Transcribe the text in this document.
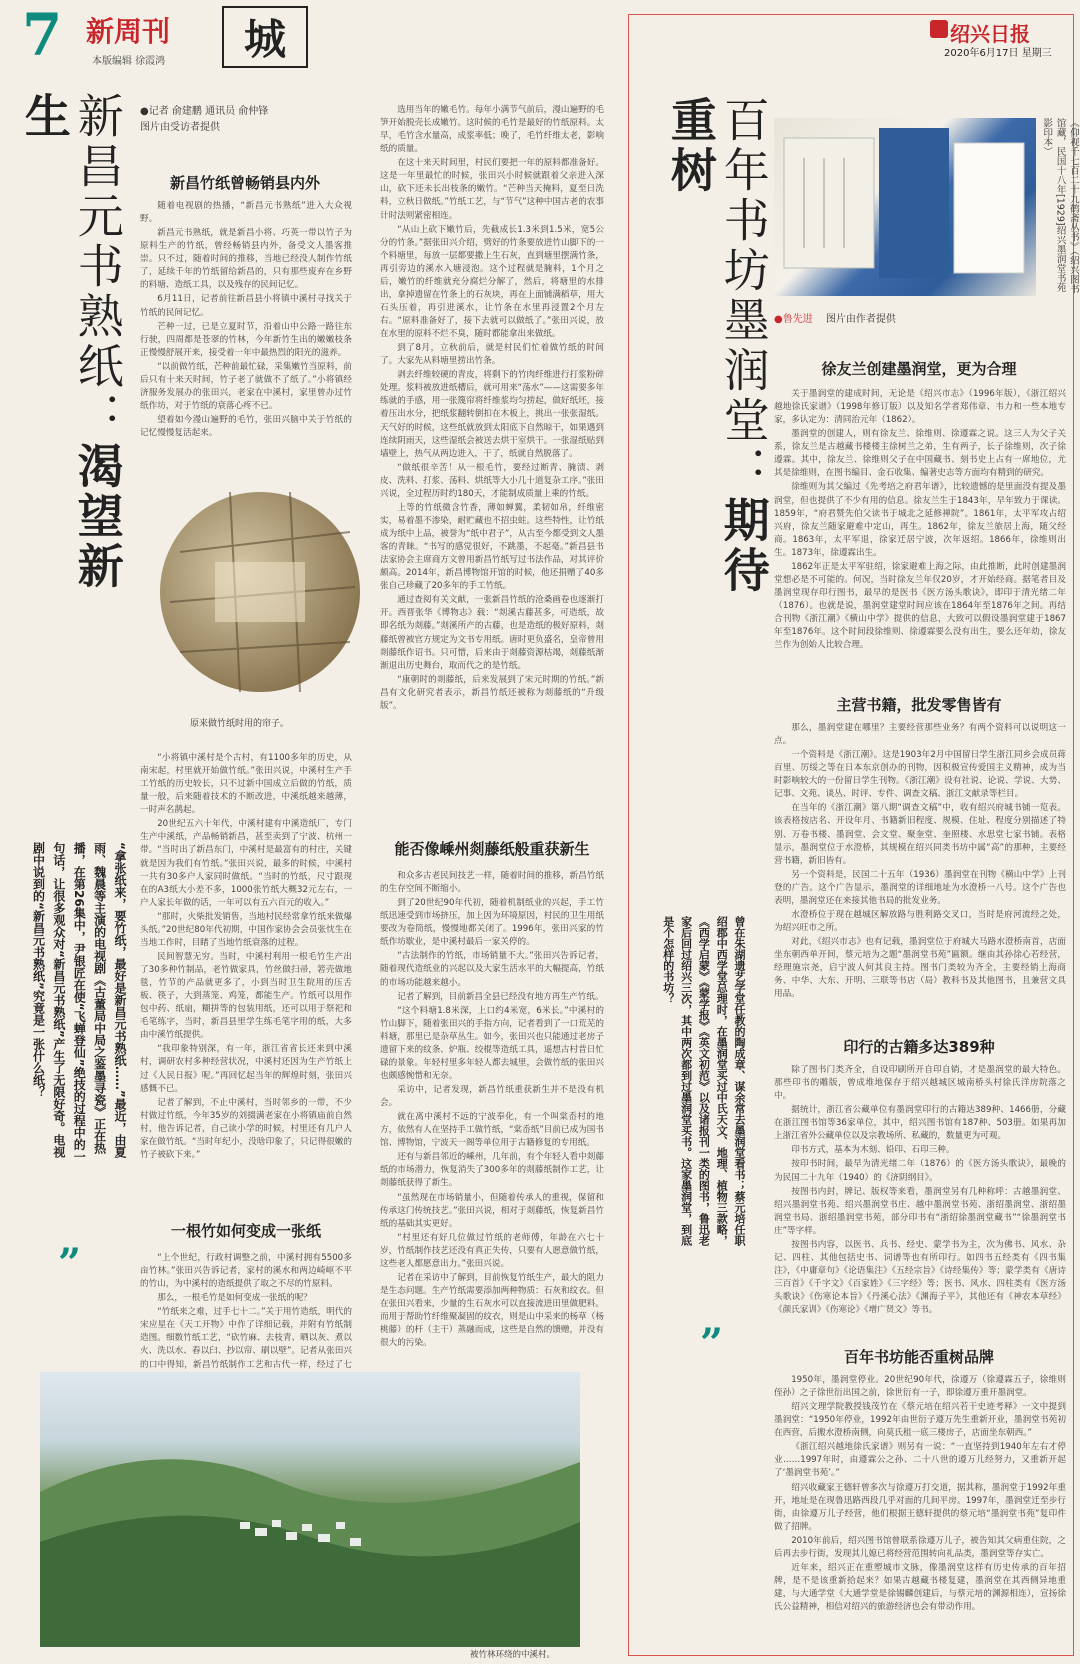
7 新周刊
本版编辑 徐霞鸿	城
新昌元书熟纸：渴望新生
“拿张纸来，要竹纸，最好是新昌元书熟纸……”最近，由夏雨、魏晨等主演的电视剧《古董局中局之鉴墨寻瓷》正在热播，在第26集中，尹银匠在使“飞蝉登仙”绝技的过程中的一句话，让很多观众对“新昌元书熟纸”产生了无限好奇。电视剧中说到的“新昌元书熟纸”究竟是一张什么纸？
”
●记者 俞建鹏 通讯员 俞仲锋
图片由受访者提供
新昌竹纸曾畅销县内外

随着电视剧的热播，“新昌元书熟纸”进入大众视野。

新昌元书熟纸，就是新昌小将、巧英一带以竹子为原料生产的竹纸，曾经畅销县内外，备受文人墨客推崇。只不过，随着时间的推移，当地已经没人制作竹纸了，延续千年的竹纸留给新昌的，只有那些废弃在乡野的料塘、造纸工具，以及残存的民间记忆。

6月11日，记者前往新昌县小将镇中溪村寻找关于竹纸的民间记忆。

芒种一过，已是立夏时节，沿着山中公路一路往东行驶，四周都是苍翠的竹林，今年新竹生出的嫩嫩枝条正慢慢舒展开来，接受着一年中最热烈的阳光的滋养。

“以前做竹纸，芒种前最忙碌，采集嫩竹当原料，前后只有十来天时间，竹子老了就做不了纸了。”小将镇经济服务发展办的张田兴，老家在中溪村，家里曾办过竹纸作坊，对于竹纸的衰落心疼不已。

望着如今漫山遍野的毛竹，张田兴脑中关于竹纸的记忆慢慢复活起来。

原来做竹纸时用的帘子。

“小将镇中溪村是个古村，有1100多年的历史，从南宋起，村里就开始做竹纸。”张田兴说，中溪村生产手工竹纸的历史较长，只不过新中国成立后做的竹纸，质量一般，后来随着技术的不断改进，中溪纸越来越薄，一时声名鹊起。

20世纪五六十年代，中溪村建有中溪造纸厂，专门生产中溪纸，产品畅销新昌，甚至卖到了宁波、杭州一带。“当时出了新昌东门，中溪村是最富有的村庄，关键就是因为我们有竹纸。”张田兴说，最多的时候，中溪村一共有30多户人家同时做纸。“当时的竹纸，尺寸跟现在的A3纸大小差不多，1000张竹纸大概32元左右，一户人家长年做的话，一年可以有五六百元的收入。”

“那时，火柴批发销售，当地村民经常拿竹纸来做爆头纸。”20世纪80年代初期，中国作家协会会员张忱生在当地工作时，目睹了当地竹纸衰落的过程。

民间智慧无穷。当时，中溪村利用一根毛竹生产出了30多种竹制品，老竹做家具，竹丝做扫帚，箬壳做地毯，竹节的产品就更多了，小到当时卫生院用的压舌板、筷子，大到蒸笼、鸡笼，都能生产。竹纸可以用作包中药、纸扇，糊拼等的包装用纸，还可以用于祭祀和毛笔练字，当时，新昌县里学生练毛笔字用的纸，大多由中溪竹纸提供。

“我印象特别深，有一年，浙江省省长还来到中溪村，调研农村多种经营状况，中溪村还因为生产竹纸上过《人民日报》呢。”再回忆起当年的辉煌时刻，张田兴感慨不已。

记者了解到，不止中溪村，当时邻乡的一带，不少村做过竹纸，今年35岁的刘掇满老家在小将镇庙前自然村，他告诉记者，自己读小学的时候，村里还有几户人家在做竹纸。“当时年纪小，没啥印象了，只记得很嫩的竹子被砍下来。”

一根竹如何变成一张纸

“上个世纪，行政村调整之前，中溪村拥有5500多亩竹林。”张田兴告诉记者，家村的溪水和两边崎岖不平的竹山，为中溪村的造纸提供了取之不尽的竹原料。

那么，一根毛竹是如何变成一张纸的呢？

“竹纸来之难，过手七十二。”关于用竹造纸，明代的宋应星在《天工开物》中作了详细记载，并附有竹纸制造图。细数竹纸工艺，“砍竹麻、去枝青、晒以灰、煮以火、洗以水、舂以臼、抄以帘、刷以壁”。记者从张田兴的口中得知，新昌竹纸制作工艺和古代一样，经过了七

选用当年的嫩毛竹。每年小满节气前后，漫山遍野的毛笋开始脱壳长成嫩竹。这时候的毛竹是最好的竹纸原料。太早，毛竹含水量高，成浆率低；晚了，毛竹纤维太老，影响纸的质量。

在这十来天时间里，村民们要把一年的原料都准备好。这是一年里最忙的时候，张田兴小时候就跟着父亲进入深山，砍下还未长出枝条的嫩竹。“芒种当天掩料，夏至日洗料，立秋日做纸。”竹纸工艺，与“节气”这种中国古老的农事计时法则紧密相连。

“从山上砍下嫩竹后，先截成长1.3米到1.5米，宽5公分的竹条。”据张田兴介绍，劈好的竹条要放进竹山脚下的一个料塘里，每放一层都要撒上生石灰，直到塘里摆满竹条，再引旁边的溪水入塘浸泡。这个过程就是腌料，1个月之后，嫩竹的纤维就充分腐烂分解了，然后，将塘里的水排出，拿掉遗留在竹条上的石灰块，再在上面铺满稻草，用大石头压着，再引进溪水，让竹条在水里再浸置2个月左右。“原料准备好了，接下去就可以做纸了。”张田兴说，放在水里的原料不烂不臭，随时都能拿出来做纸。

到了8月，立秋前后，就是村民们忙着做竹纸的时间了。大家先从料塘里捞出竹条。

剥去纤维较硬的青皮，将剩下的竹肉纤维进行打浆粉碎处理。浆料被放进纸槽后，就可用来“荡水”——这需要多年练就的手感，用一张篾帘将纤维浆均匀捞起，做好纸坯，接着压出水分，把纸浆翻转倒扣在木板上，挑出一张张湿纸。天气好的时候，这些纸就放到太阳底下自然晾干，如果遇到连续阴雨天，这些湿纸会被送去烘干室烘干。一张湿纸贴到墙壁上，热气从两边进入，干了，纸就自然脱落了。

“做纸很辛苦！从一根毛竹，要经过断青、腌渍、剥皮、洗料、打浆、荡料、烘纸等大小几十道复杂工序。”张田兴说，全过程历时约180天，才能制成质量上乘的竹纸。

上等的竹纸微含竹香，薄如蝉翼，柔韧如帛，纤维密实，易着墨不渗染，耐贮藏也不招虫蛀。这些特性，让竹纸成为纸中上品，被誉为“纸中君子”，从古至今都受到文人墨客的青睐。“书写的感觉很好，不跳墨，不起毫。”新昌县书法家协会主席商方文曾用新昌竹纸写过书法作品，对其评价颇高。2014年，新昌博物馆开馆的时候，他还捐赠了40多张自己珍藏了20多年的手工竹纸。

通过查阅有关文献，一张新昌竹纸的沧桑画卷也逐渐打开。西晋张华《博物志》载：“剡溪古藤甚多，可造纸，故即名纸为剡藤。”剡溪所产的古藤，也是造纸的极好原料，剡藤纸曾被官方规定为文书专用纸。唐时更负盛名，皇帝曾用剡藤纸作诏书。只可惜，后来由于剡藤资源枯竭，剡藤纸渐渐退出历史舞台，取而代之的是竹纸。

“康朝时的剡藤纸，后来发展到了宋元时期的竹纸。”新昌有文化研究者表示，新昌竹纸还被称为剡藤纸的“升级版”。

能否像嵊州剡藤纸般重获新生

和众多古老民间技艺一样，随着时间的推移，新昌竹纸的生存空间不断缩小。

到了20世纪90年代初，随着机制纸业的兴起，手工竹纸迅速受到市场挤压，加上因为环境原因，村民的卫生用纸要改为卷筒纸，慢慢地都关闭了。1996年，张田兴家的竹纸作坊歇业，是中溪村最后一家关停的。

“古法制作的竹纸，市场销量不大。”张田兴告诉记者，随着现代造纸业的兴起以及大家生活水平的大幅提高，竹纸的市场功能越来越小。

记者了解到，目前新昌全县已经没有地方再生产竹纸。

“这个料塘1.8米深，上口约4米宽，6米长。”中溪村的竹山脚下，随着张田兴的手指方向，记者看到了一口荒芜的料塘，那里已是杂草丛生。如今，张田兴也只能通过老房子遗留下来的纹条、炉瓶、绞棍等造纸工具，遥想古村昔日忙碌的景象。年轻村里多年轻人都去城里，会做竹纸的张田兴也颇感惋惜和无奈。

采访中，记者发现，新昌竹纸重获新生并不是没有机会。

就在离中溪村不远的宁波奉化，有一个叫棠岙村的地方，依然有人在坚持手工做竹纸，“棠岙纸”目前已成为国书馆、博物馆，宁波天一阁等单位用于古籍修复的专用纸。

还有与新昌邻近的嵊州，几年前，有个年轻人看中剡藤纸的市场潜力，恢复消失了300多年的剡藤纸制作工艺，让剡藤纸获得了新生。

“虽然现在市场销量小，但随着传承人的重视，保留和传承这门传统技艺。”张田兴说，相对于剡藤纸，恢复新昌竹纸的基础其实更好。

“村里还有好几位做过竹纸的老师傅，年龄在六七十岁，竹纸制作技艺还没有真正失传，只要有人愿意做竹纸，这些老人都愿意出力。”张田兴说。

记者在采访中了解到，目前恢复竹纸生产，最大的阻力是生态问题。生产竹纸需要添加两种物质：石灰和纹衣。但在张田兴看来，少量的生石灰水可以直接流进田里做肥料。而用于帮助竹纤维聚凝固的纹衣，则是山中采来的杨草（杨桃藤）的杆（主干）蒸融而成，这些是自然的馈赠，并没有很大的污染。

被竹林环绕的中溪村。
绍兴日报
2020年6月17日 星期三
百年书坊墨润堂：期待重树	《仰视千七百二十九鹤斋丛书》（绍兴图书馆藏，民国十八年[1929]绍兴墨润堂书苑影印本）
●鲁先进 图片由作者提供
徐友兰创建墨润堂，更为合理

关于墨润堂的建成时间，无论是《绍兴市志》（1996年版），《浙江绍兴越地徐氏家谱》（1998年修订版）以及知名学者郑伟章、韦力和一些本地专家，多认定为：清同治元年（1862）。

墨润堂的创建人，则有徐友兰、徐维则、徐遵霖之说。这三人为父子关系，徐友兰是古越藏书楼楼主徐树兰之弟，生有两子，长子徐维则，次子徐遵霖。其中，徐友兰、徐维则父子在中国藏书、刻书史上占有一席地位，尤其是徐维则，在图书编目、金石收集、编著史志等方面均有精到的研究。

徐维则为其父编过《先考培之府君年谱》，比较遗憾的是里面没有提及墨润堂，但也提供了不少有用的信息。徐友兰生于1843年，早年致力于课读。1859年，“府君赞先伯父读书于城北之延修禅院”。1861年，太平军攻占绍兴府，徐友兰随家避难中定山，再生。1862年，徐友兰旅居上海，随父经商。1863年，太平军退，徐家迁居宁波，次年返绍。1866年，徐维则出生。1873年，徐遵霖出生。

1862年正是太平军驻绍，徐家避难上海之际，由此推断，此时创建墨润堂想必是不可能的。何况，当时徐友兰年仅20岁，才开始经商。据笔者目及墨润堂现存印行图书，最早的是医书《医方汤头歌诀》，即印于清光绪二年（1876）。也就是说，墨润堂建堂时间应该在1864年至1876年之间。再结合刊物《浙江潮》《横山中学》提供的信息，大致可以假设墨润堂建于1867年至1876年。这个时间段徐维则、徐遵霖要么没有出生，要么还年幼，徐友兰作为创始人比较合理。

主营书籍，批发零售皆有

那么，墨润堂建在哪里？主要经营那些业务？有两个资料可以说明这一点。

一个资料是《浙江潮》。这是1903年2月中国留日学生浙江同乡会成员蒋百里、厉绥之等在日本东京创办的刊物，因积极宣传爱国主义精神，成为当时影响较大的一份留日学生刊物。《浙江潮》设有社说、论说、学说、大势、记事、文苑、谈丛、时评、专件、调查文稿、浙江文献录等栏目。

在当年的《浙江潮》第八期“调查文稿”中，收有绍兴府城书铺一览表。该表格按店名、开设年月、书籍新旧程度、规模、住址、程度分别描述了特别、万卷书楼、墨润堂、会文堂、聚奎堂、奎照楼、水思堂七家书铺。表格显示，墨润堂位于水澄桥，其规模在绍兴同类书坊中属“高”的那种，主要经营书籍，新旧皆有。

另一个资料是，民国二十五年（1936）墨润堂在刊物《横山中学》上刊登的广告。这个广告显示，墨润堂的详细地址为水澄桥一八号。这个广告也表明，墨润堂还在来接其他书局的批发业务。

水澄桥位于现在越城区解放路与胜利路交叉口，当时是府河流经之处，为绍兴旺市之所。

对此，《绍兴市志》也有记载，墨润堂位于府城大马路水澄桥南首，店面坐东朝西单开间，蔡元培为之题“墨润堂书苑”匾额。继由其孙徐心若经营，经理施宗尧，启宁波人何其良主持。图书门类较为齐全，主要经销上海商务、中华、大东、开明、三联等书店（局）教科书及其他图书，且兼营文具用品。

曾在朱湖遗艺学堂任教的陶成章、谋余常去墨润堂看书；蔡元培任职绍郡中西学堂总理时，在墨润堂买过中氏天文、地理、植物三款略，《西学启蒙》《蒙学报》《英文初范》以及诸报刊一类的图书，鲁迅老家后回过绍兴三次，其中两次都到过墨润堂买书。这家墨润堂，到底是个怎样的书坊？
”
印行的古籍多达389种

除了图书门类齐全，自设印刷所开自印自销，才是墨润堂的最大特色。那些印书的雕版，曾成堆地保存于绍兴越城区城南桥头村徐氏洋房院落之中。

据统计，浙江省公藏单位有墨润堂印行的古籍达389种、1466册，分藏在浙江图书馆等36家单位，其中，绍兴图书馆有187种、503册。如果再加上浙江省外公藏单位以及宗教场所、私藏的，数量更为可观。

印书方式，基本为木刻、铅印、石印三种。

按印书时间，最早为清光绪二年（1876）的《医方汤头歌诀》，最晚的为民国二十九年（1940）的《济阴纲目》。

按图书内封，牌记、版权等来看，墨润堂另有几种称呼：古越墨润堂、绍兴墨润堂书苑、绍兴墨润堂书庄、越中墨润堂书苑、浙绍墨润堂、浙绍墨润堂书局、浙绍墨润堂书苑，部分印书有“浙绍徐墨润堂藏书”“徐墨润堂书庄”等字样。

按图书内容，以医书、兵书、经史、蒙学书为主，次为佛书、风水、杂记、四柱、其他包括史书、词谱等也有所印行。如四书五经类有《四书集注》，《中庸章句》《论语集注》《五经宗旨》《诗经集传》等；蒙学类有《唐诗三百首》《千字文》《百家姓》《三字经》等；医书、风水、四柱类有《医方汤头歌诀》《伤寒论本旨》《丹溪心法》《渊海子平》，其他还有《神农本草经》《颜氏家训》《伤寒论》《增广贤文》等书。

百年书坊能否重树品牌

1950年，墨润堂停业。20世纪90年代，徐遵万（徐遵霖五子，徐维则侄孙）之子徐世衍出国之前，徐世衍有一子，即徐遵万重开墨润堂。

绍兴文理学院教授钱茂竹在《蔡元培在绍兴若干史迹考释》一文中提到墨润堂：“1950年停业，1992年由世衍子遵万先生重新开业，墨润堂书苑初在西营，后搬水澄桥南侧，向莫氏租一底三楼房子，店面坐东朝西。”

《浙江绍兴越地徐氏家谱》则另有一说：“一直坚持到1940年左右才停业……1997年时，由遵霖公之孙、二十八世的遵万儿经努力，又重新开起了‘墨润堂书苑’。”

绍兴收藏家王德轩曾多次与徐遵万打交道，据其称，墨润堂于1992年重开，地址是在现鲁迅路西段几乎对面的几间平房。1997年，墨润堂迁至步行街，由徐遵万儿子经营，他们根据王德轩提供的蔡元培“墨润堂书苑”复印件做了招牌。

2010年前后，绍兴图书馆曾联系徐遵万儿子，被告知其父病重住院，之后再去步行街，发现其儿媳已将经营范围转向礼品类，墨润堂等存实亡。

近年来，绍兴正在重塑城市文脉，像墨润堂这样有历史传承的百年招牌，是不是该重新拾起来？如果古越藏书楼复建，墨润堂在其西侧异地重建，与大通学堂《大通学堂是徐锡麟创建后，与蔡元培的渊源相连），宣扬徐氏公益精神，相信对绍兴的旅游经济也会有带动作用。
